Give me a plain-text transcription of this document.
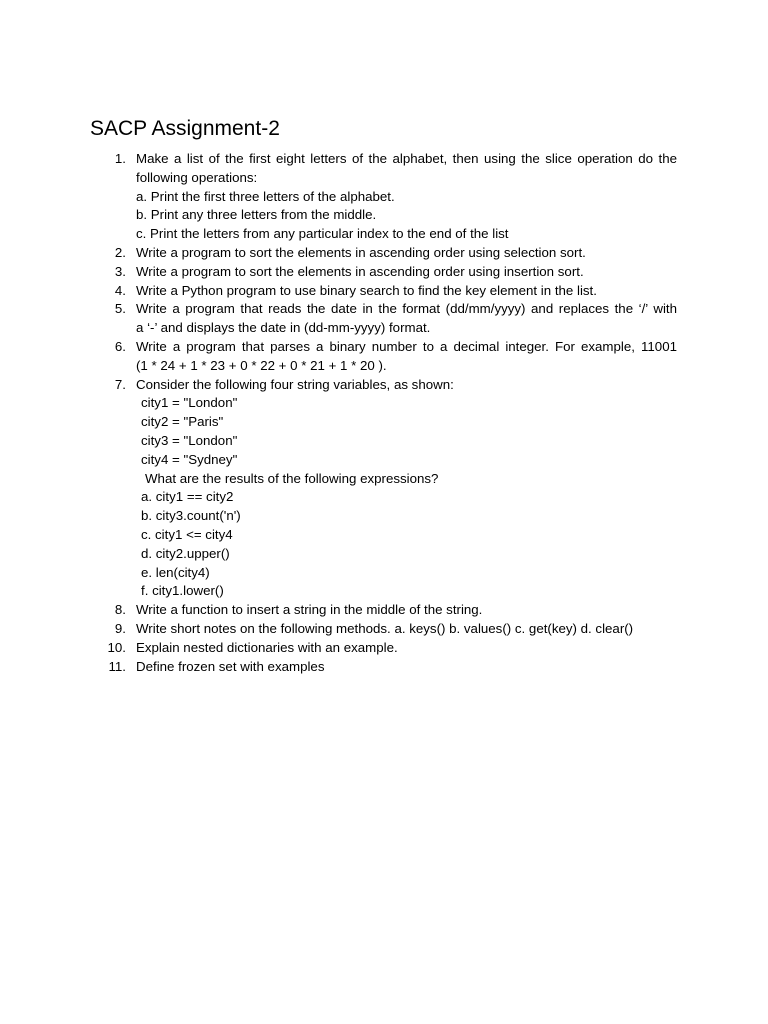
SACP Assignment-2
1. Make a list of the first eight letters of the alphabet, then using the slice operation do the
following operations:
a. Print the first three letters of the alphabet.
b. Print any three letters from the middle.
c. Print the letters from any particular index to the end of the list
2. Write a program to sort the elements in ascending order using selection sort.
3. Write a program to sort the elements in ascending order using insertion sort.
4. Write a Python program to use binary search to find the key element in the list.
5. Write a program that reads the date in the format (dd/mm/yyyy) and replaces the ‘/’ with
a ‘-’ and displays the date in (dd-mm-yyyy) format.
6. Write a program that parses a binary number to a decimal integer. For example, 11001
(1 * 24 + 1 * 23 + 0 * 22 + 0 * 21 + 1 * 20 ).
7. Consider the following four string variables, as shown:
city1 = "London"
city2 = "Paris"
city3 = "London"
city4 = "Sydney"
What are the results of the following expressions?
a. city1 == city2
b. city3.count('n')
c. city1 <= city4
d. city2.upper()
e. len(city4)
f. city1.lower()
8. Write a function to insert a string in the middle of the string.
9. Write short notes on the following methods. a. keys() b. values() c. get(key) d. clear()
10. Explain nested dictionaries with an example.
11. Define frozen set with examples
